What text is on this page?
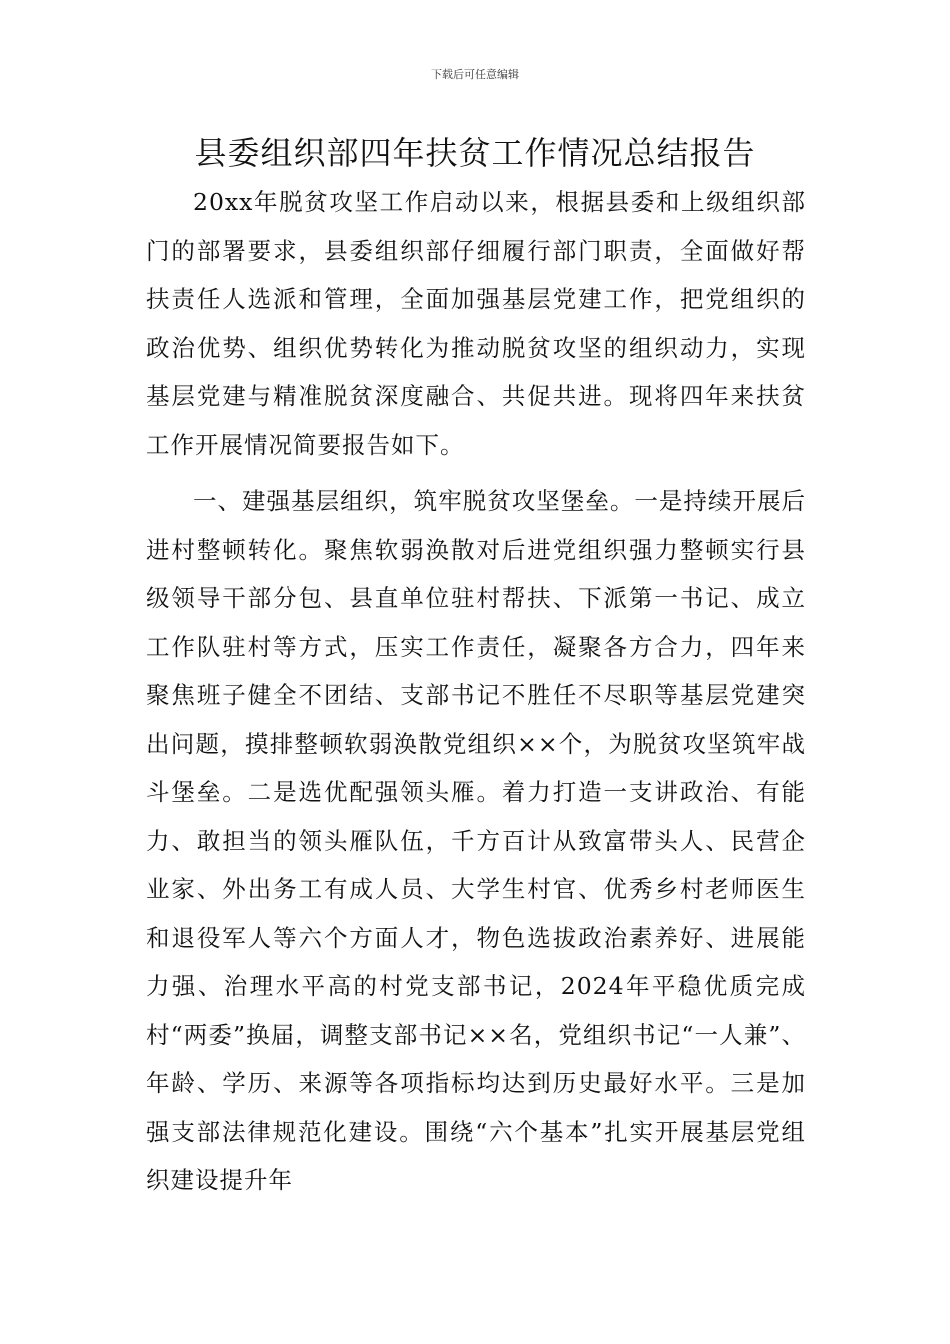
下载后可任意编辑
县委组织部四年扶贫工作情况总结报告

20xx年脱贫攻坚工作启动以来，根据县委和上级组织部门的部署要求，县委组织部仔细履行部门职责，全面做好帮扶责任人选派和管理，全面加强基层党建工作，把党组织的政治优势、组织优势转化为推动脱贫攻坚的组织动力，实现基层党建与精准脱贫深度融合、共促共进。现将四年来扶贫工作开展情况简要报告如下。

一、建强基层组织，筑牢脱贫攻坚堡垒。一是持续开展后进村整顿转化。聚焦软弱涣散对后进党组织强力整顿实行县级领导干部分包、县直单位驻村帮扶、下派第一书记、成立工作队驻村等方式，压实工作责任，凝聚各方合力，四年来聚焦班子健全不团结、支部书记不胜任不尽职等基层党建突出问题，摸排整顿软弱涣散党组织××个，为脱贫攻坚筑牢战斗堡垒。二是选优配强领头雁。着力打造一支讲政治、有能力、敢担当的领头雁队伍，千方百计从致富带头人、民营企业家、外出务工有成人员、大学生村官、优秀乡村老师医生和退役军人等六个方面人才，物色选拔政治素养好、进展能力强、治理水平高的村党支部书记，2024年平稳优质完成村“两委”换届，调整支部书记××名，党组织书记“一人兼”、年龄、学历、来源等各项指标均达到历史最好水平。三是加强支部法律规范化建设。围绕“六个基本”扎实开展基层党组织建设提升年
